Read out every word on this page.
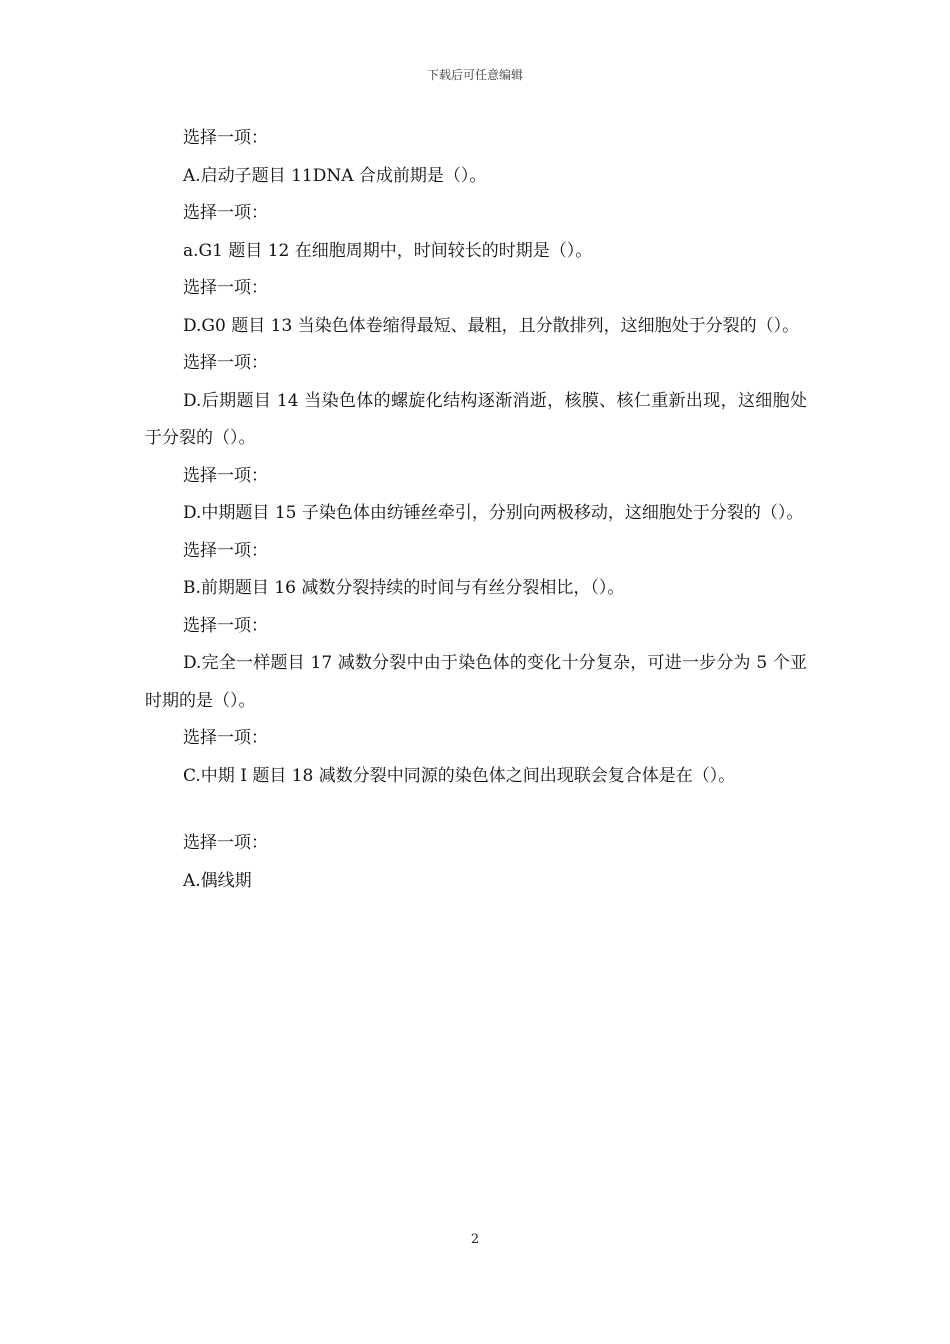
下载后可任意编辑

选择一项：

A.启动子题目 11DNA 合成前期是（）。

选择一项：

a.G1 题目 12 在细胞周期中，时间较长的时期是（）。

选择一项：

D.G0 题目 13 当染色体卷缩得最短、最粗，且分散排列，这细胞处于分裂的（）。

选择一项：

D.后期题目 14 当染色体的螺旋化结构逐渐消逝，核膜、核仁重新出现，这细胞处于分裂的（）。

选择一项：

D.中期题目 15 子染色体由纺锤丝牵引，分别向两极移动，这细胞处于分裂的（）。

选择一项：

B.前期题目 16 减数分裂持续的时间与有丝分裂相比，（）。

选择一项：

D.完全一样题目 17 减数分裂中由于染色体的变化十分复杂，可进一步分为 5 个亚时期的是（）。

选择一项：

C.中期 I 题目 18 减数分裂中同源的染色体之间出现联会复合体是在（）。

选择一项：

A.偶线期

2
